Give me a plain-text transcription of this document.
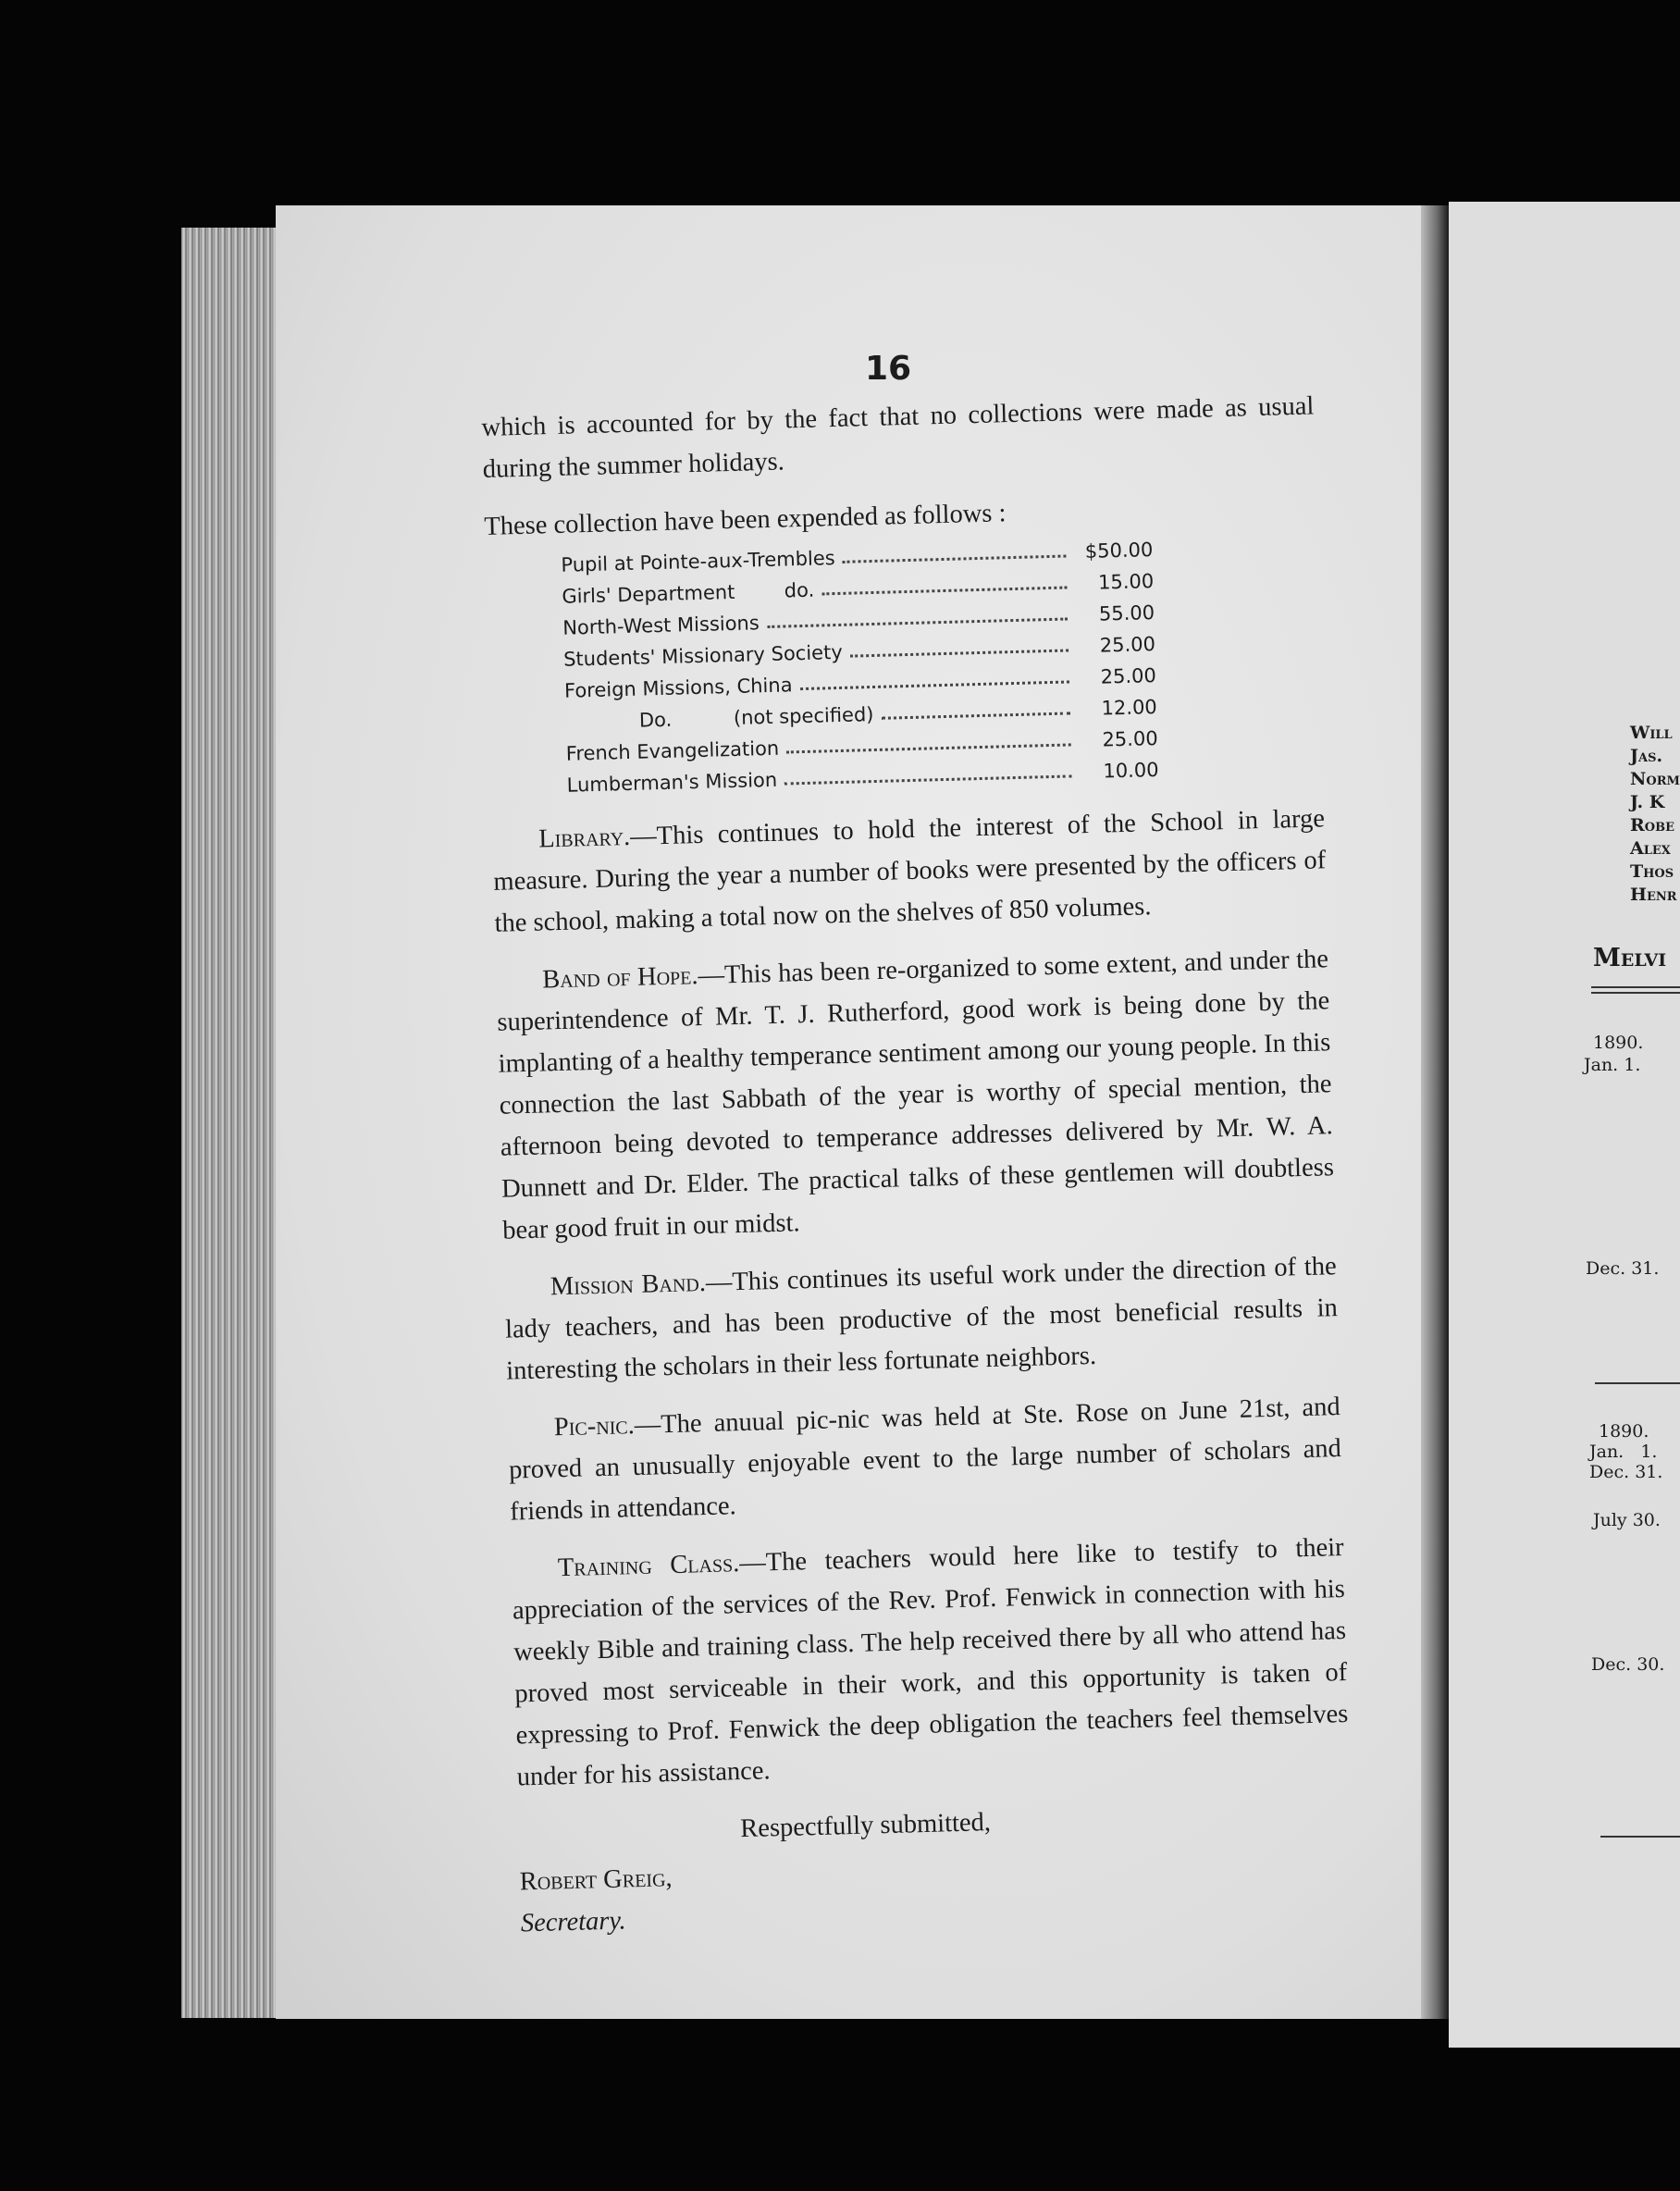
16

which is accounted for by the fact that no collections were made as usual during the summer holidays.

These collection have been expended as follows :

Pupil at Pointe-aux-Trembles	$50.00
Girls' Department        do.	15.00
North-West Missions	55.00
Students' Missionary Society	25.00
Foreign Missions, China	25.00
Do.          (not specified)	12.00
French Evangelization	25.00
Lumberman's Mission	10.00

Library.—This continues to hold the interest of the School in large measure. During the year a number of books were presented by the officers of the school, making a total now on the shelves of 850 volumes.

Band of Hope.—This has been re-organized to some extent, and under the superintendence of Mr. T. J. Rutherford, good work is being done by the implanting of a healthy temperance sentiment among our young people. In this connection the last Sabbath of the year is worthy of special mention, the afternoon being devoted to temperance addresses delivered by Mr. W. A. Dunnett and Dr. Elder. The practical talks of these gentlemen will doubtless bear good fruit in our midst.

Mission Band.—This continues its useful work under the direction of the lady teachers, and has been productive of the most beneficial results in interesting the scholars in their less fortunate neighbors.

Pic-nic.—The anuual pic-nic was held at Ste. Rose on June 21st, and proved an unusually enjoyable event to the large number of scholars and friends in attendance.

Training Class.—The teachers would here like to testify to their appreciation of the services of the Rev. Prof. Fenwick in connection with his weekly Bible and training class. The help received there by all who attend has proved most serviceable in their work, and this opportunity is taken of expressing to Prof. Fenwick the deep obligation the teachers feel themselves under for his assistance.

Respectfully submitted,

Robert Greig,

Secretary.

Will
Jas.
Norm
J. K
Robe
Alex
Thos
Henr
Melvi
1890.
Jan. 1.
Dec. 31.
1890.
Jan.   1.
Dec. 31.
July 30.
Dec. 30.
